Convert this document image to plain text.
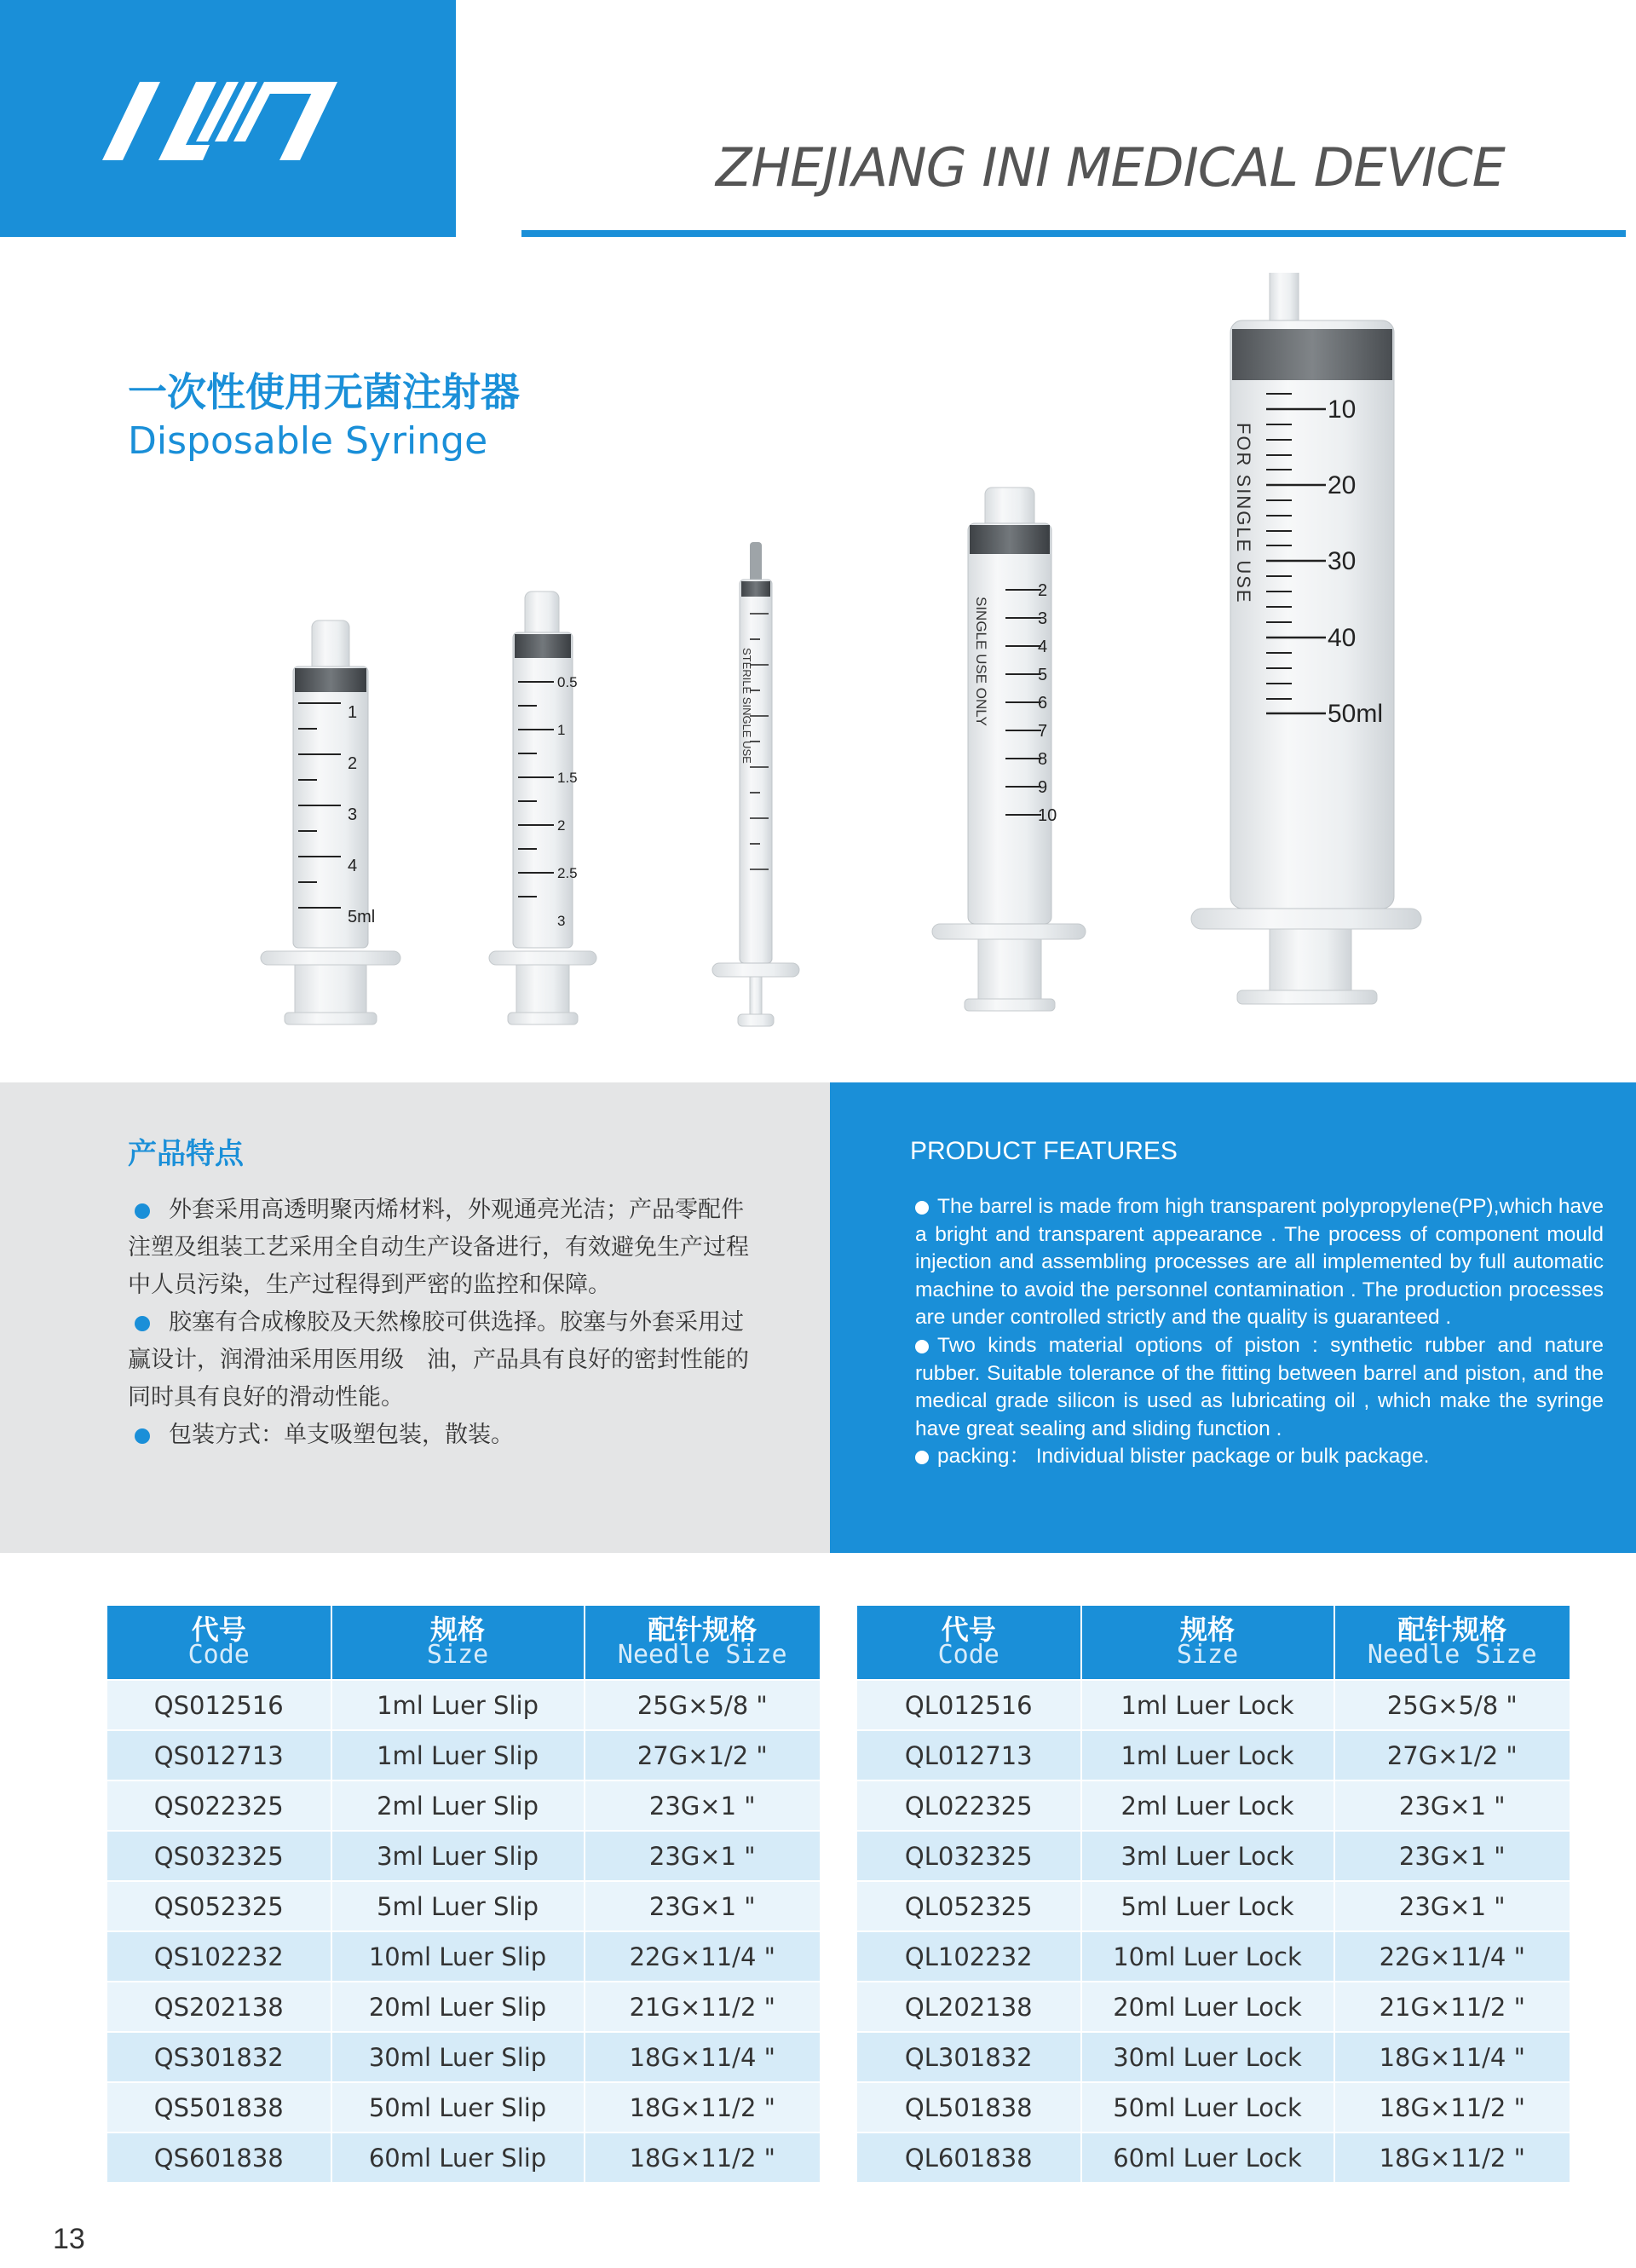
ZHEJIANG INI MEDICAL DEVICE
一次性使用无菌注射器
Disposable Syringe
1
2
3
4
5ml
0.5
1
1.5
2
2.5
3
STERILE SINGLE USE
2
3
4
5
6
7
8
9
10
SINGLE USE ONLY
10
20
30
40
50ml
FOR SINGLE USE
产品特点

外套采用高透明聚丙烯材料，外观通亮光洁；产品零配件注塑及组装工艺采用全自动生产设备进行，有效避免生产过程中人员污染，生产过程得到严密的监控和保障。

胶塞有合成橡胶及天然橡胶可供选择。胶塞与外套采用过赢设计，润滑油采用医用级　油，产品具有良好的密封性能的同时具有良好的滑动性能。

包装方式：单支吸塑包装，散装。

PRODUCT FEATURES

The barrel is made from high transparent polypropylene(PP),which have a bright and transparent appearance . The process of component mould injection and assembling processes are all implemented by full automatic machine to avoid the personnel contamination . The production processes are under controlled strictly and the quality is guaranteed .

Two kinds material options of piston : synthetic rubber and nature rubber. Suitable tolerance of the fitting between barrel and piston, and the medical grade silicon is used as lubricating oil , which make the syringe have great sealing and sliding function .

packing： Individual blister package or bulk package.

代号
Code	规格
Size	配针规格
Needle Size

QS012516	1ml Luer Slip	25G×5/8 "
QS012713	1ml Luer Slip	27G×1/2 "
QS022325	2ml Luer Slip	23G×1 "
QS032325	3ml Luer Slip	23G×1 "
QS052325	5ml Luer Slip	23G×1 "
QS102232	10ml Luer Slip	22G×11/4 "
QS202138	20ml Luer Slip	21G×11/2 "
QS301832	30ml Luer Slip	18G×11/4 "
QS501838	50ml Luer Slip	18G×11/2 "
QS601838	60ml Luer Slip	18G×11/2 "
代号
Code	规格
Size	配针规格
Needle Size

QL012516	1ml Luer Lock	25G×5/8 "
QL012713	1ml Luer Lock	27G×1/2 "
QL022325	2ml Luer Lock	23G×1 "
QL032325	3ml Luer Lock	23G×1 "
QL052325	5ml Luer Lock	23G×1 "
QL102232	10ml Luer Lock	22G×11/4 "
QL202138	20ml Luer Lock	21G×11/2 "
QL301832	30ml Luer Lock	18G×11/4 "
QL501838	50ml Luer Lock	18G×11/2 "
QL601838	60ml Luer Lock	18G×11/2 "
13
